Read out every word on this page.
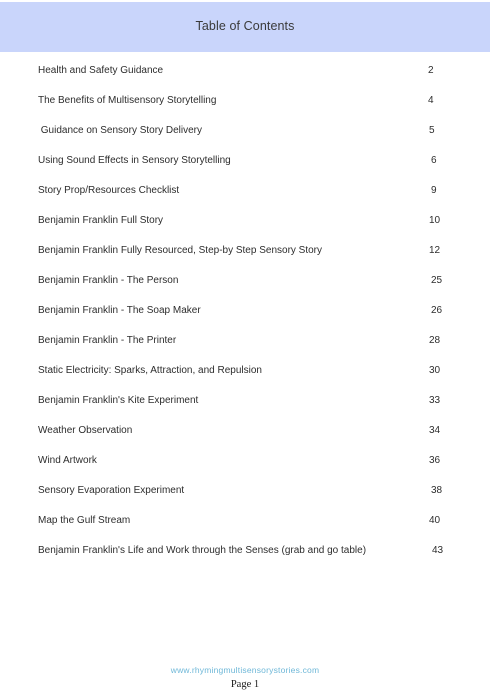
Table of Contents
Health and Safety Guidance	2
The Benefits of Multisensory Storytelling	4
Guidance on Sensory Story Delivery	5
Using Sound Effects in Sensory Storytelling	6
Story Prop/Resources Checklist	9
Benjamin Franklin Full Story	10
Benjamin Franklin Fully Resourced, Step-by Step Sensory Story	12
Benjamin Franklin - The Person	25
Benjamin Franklin - The Soap Maker	26
Benjamin Franklin - The Printer	28
Static Electricity: Sparks, Attraction, and Repulsion	30
Benjamin Franklin's Kite Experiment	33
Weather Observation	34
Wind Artwork	36
Sensory Evaporation Experiment	38
Map the Gulf Stream	40
Benjamin Franklin's Life and Work through the Senses (grab and go table)	43
www.rhymingmultisensorystories.com
Page 1
